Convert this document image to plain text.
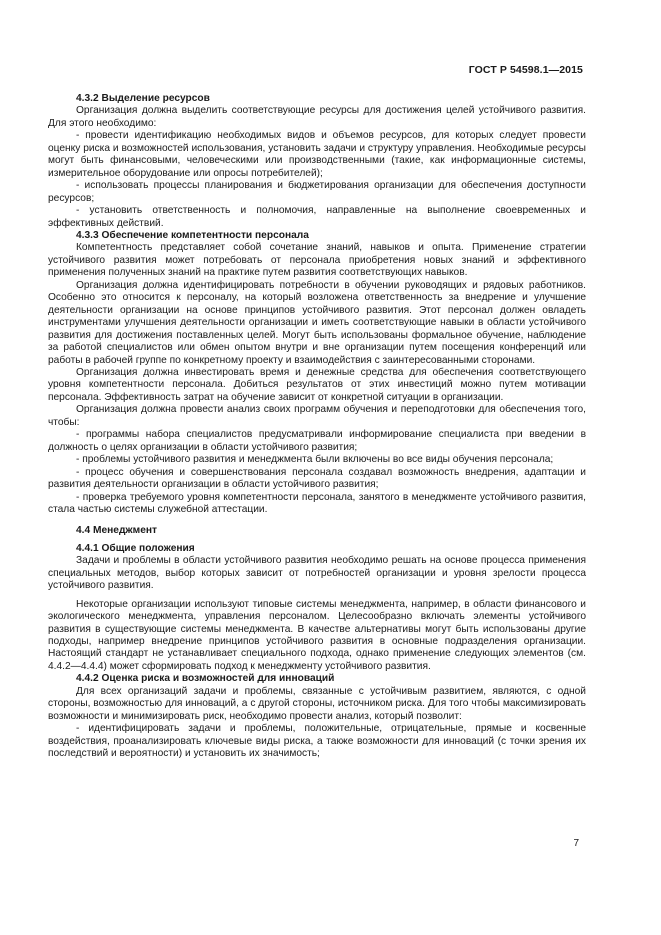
ГОСТ Р 54598.1—2015
4.3.2 Выделение ресурсов

Организация должна выделить соответствующие ресурсы для достижения целей устойчивого развития. Для этого необходимо:

- провести идентификацию необходимых видов и объемов ресурсов, для которых следует провести оценку риска и возможностей использования, установить задачи и структуру управления. Необходимые ресурсы могут быть финансовыми, человеческими или производственными (такие, как информационные системы, измерительное оборудование или опросы потребителей);

- использовать процессы планирования и бюджетирования организации для обеспечения доступности ресурсов;

- установить ответственность и полномочия, направленные на выполнение своевременных и эффективных действий.

4.3.3 Обеспечение компетентности персонала

Компетентность представляет собой сочетание знаний, навыков и опыта. Применение стратегии устойчивого развития может потребовать от персонала приобретения новых знаний и эффективного применения полученных знаний на практике путем развития соответствующих навыков.

Организация должна идентифицировать потребности в обучении руководящих и рядовых работников. Особенно это относится к персоналу, на который возложена ответственность за внедрение и улучшение деятельности организации на основе принципов устойчивого развития. Этот персонал должен овладеть инструментами улучшения деятельности организации и иметь соответствующие навыки в области устойчивого развития для достижения поставленных целей. Могут быть использованы формальное обучение, наблюдение за работой специалистов или обмен опытом внутри и вне организации путем посещения конференций или работы в рабочей группе по конкретному проекту и взаимодействия с заинтересованными сторонами.

Организация должна инвестировать время и денежные средства для обеспечения соответствующего уровня компетентности персонала. Добиться результатов от этих инвестиций можно путем мотивации персонала. Эффективность затрат на обучение зависит от конкретной ситуации в организации.

Организация должна провести анализ своих программ обучения и переподготовки для обеспечения того, чтобы:

- программы набора специалистов предусматривали информирование специалиста при введении в должность о целях организации в области устойчивого развития;

- проблемы устойчивого развития и менеджмента были включены во все виды обучения персонала;

- процесс обучения и совершенствования персонала создавал возможность внедрения, адаптации и развития деятельности организации в области устойчивого развития;

- проверка требуемого уровня компетентности персонала, занятого в менеджменте устойчивого развития, стала частью системы служебной аттестации.

4.4 Менеджмент
4.4.1 Общие положения

Задачи и проблемы в области устойчивого развития необходимо решать на основе процесса применения специальных методов, выбор которых зависит от потребностей организации и уровня зрелости процесса устойчивого развития.

Некоторые организации используют типовые системы менеджмента, например, в области финансового и экологического менеджмента, управления персоналом. Целесообразно включать элементы устойчивого развития в существующие системы менеджмента. В качестве альтернативы могут быть использованы другие подходы, например внедрение принципов устойчивого развития в основные подразделения организации. Настоящий стандарт не устанавливает специального подхода, однако применение следующих элементов (см. 4.4.2—4.4.4) может сформировать подход к менеджменту устойчивого развития.

4.4.2 Оценка риска и возможностей для инноваций

Для всех организаций задачи и проблемы, связанные с устойчивым развитием, являются, с одной стороны, возможностью для инноваций, а с другой стороны, источником риска. Для того чтобы максимизировать возможности и минимизировать риск, необходимо провести анализ, который позволит:

- идентифицировать задачи и проблемы, положительные, отрицательные, прямые и косвенные воздействия, проанализировать ключевые виды риска, а также возможности для инноваций (с точки зрения их последствий и вероятности) и установить их значимость;

7
